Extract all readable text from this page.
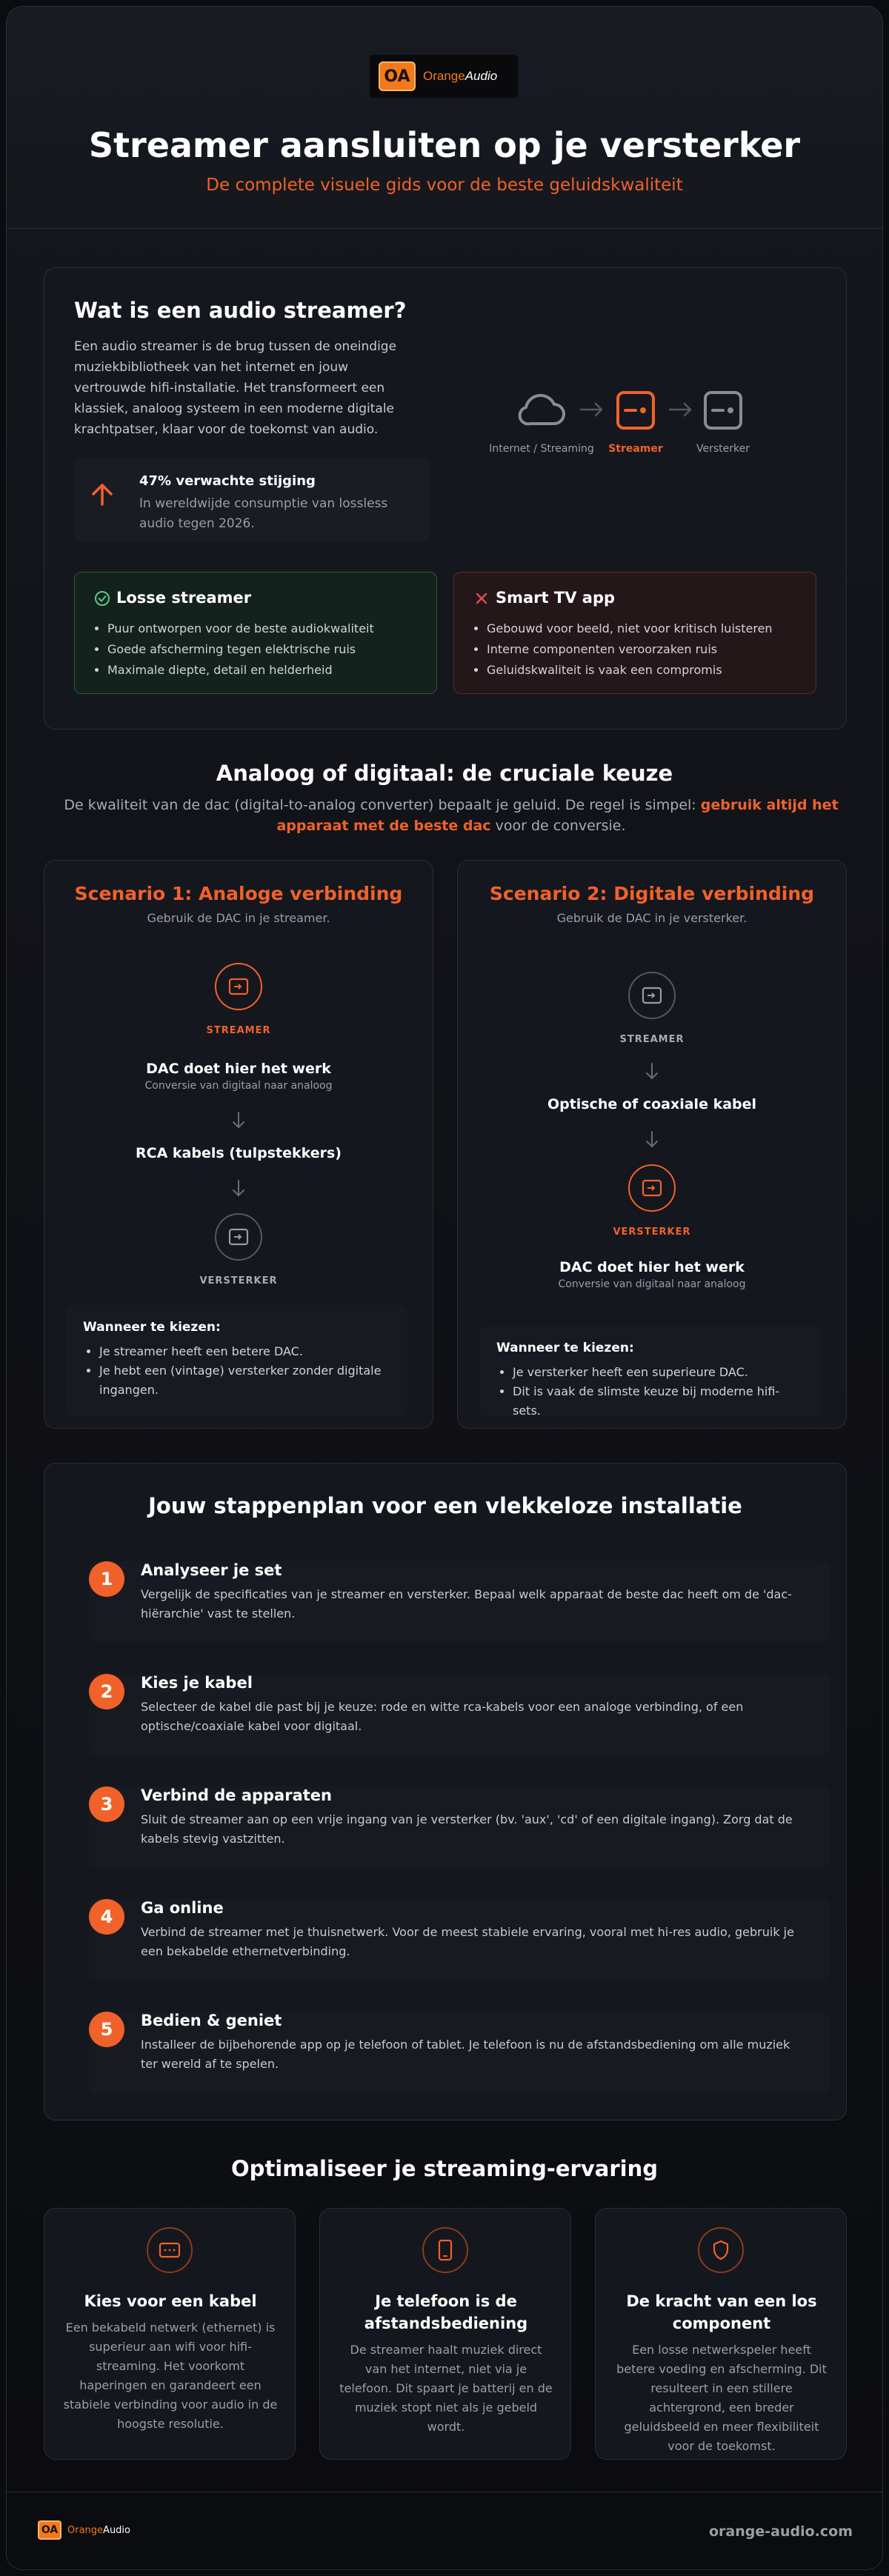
OA	OrangeAudio
Streamer aansluiten op je versterker
De complete visuele gids voor de beste geluidskwaliteit
Wat is een audio streamer?
Een audio streamer is de brug tussen de oneindige muziekbibliotheek van het internet en jouw vertrouwde hifi-installatie. Het transformeert een klassiek, analoog systeem in een moderne digitale krachtpatser, klaar voor de toekomst van audio.
47% verwachte stijging
In wereldwijde consumptie van lossless audio tegen 2026.
Internet / Streaming	Streamer	Versterker
Losse streamer
• Puur ontworpen voor de beste audiokwaliteit
• Goede afscherming tegen elektrische ruis
• Maximale diepte, detail en helderheid
Smart TV app
• Gebouwd voor beeld, niet voor kritisch luisteren
• Interne componenten veroorzaken ruis
• Geluidskwaliteit is vaak een compromis
Analoog of digitaal: de cruciale keuze
De kwaliteit van de dac (digital-to-analog converter) bepaalt je geluid. De regel is simpel: gebruik altijd het apparaat met de beste dac voor de conversie.
Scenario 1: Analoge verbinding
Gebruik de DAC in je streamer.
STREAMER
DAC doet hier het werk
Conversie van digitaal naar analoog
RCA kabels (tulpstekkers)
VERSTERKER
Wanneer te kiezen:
• Je streamer heeft een betere DAC.
• Je hebt een (vintage) versterker zonder digitale ingangen.
Scenario 2: Digitale verbinding
Gebruik de DAC in je versterker.
STREAMER
Optische of coaxiale kabel
VERSTERKER
DAC doet hier het werk
Conversie van digitaal naar analoog
Wanneer te kiezen:
• Je versterker heeft een superieure DAC.
• Dit is vaak de slimste keuze bij moderne hifi-sets.
Jouw stappenplan voor een vlekkeloze installatie
1	Analyseer je set
Vergelijk de specificaties van je streamer en versterker. Bepaal welk apparaat de beste dac heeft om de 'dac-hiërarchie' vast te stellen.
2	Kies je kabel
Selecteer de kabel die past bij je keuze: rode en witte rca-kabels voor een analoge verbinding, of een optische/coaxiale kabel voor digitaal.
3	Verbind de apparaten
Sluit de streamer aan op een vrije ingang van je versterker (bv. 'aux', 'cd' of een digitale ingang). Zorg dat de kabels stevig vastzitten.
4	Ga online
Verbind de streamer met je thuisnetwerk. Voor de meest stabiele ervaring, vooral met hi-res audio, gebruik je een bekabelde ethernetverbinding.
5	Bedien & geniet
Installeer de bijbehorende app op je telefoon of tablet. Je telefoon is nu de afstandsbediening om alle muziek ter wereld af te spelen.
Optimaliseer je streaming-ervaring
Kies voor een kabel
Een bekabeld netwerk (ethernet) is superieur aan wifi voor hifi-streaming. Het voorkomt haperingen en garandeert een stabiele verbinding voor audio in de hoogste resolutie.
Je telefoon is de afstandsbediening
De streamer haalt muziek direct van het internet, niet via je telefoon. Dit spaart je batterij en de muziek stopt niet als je gebeld wordt.
De kracht van een los component
Een losse netwerkspeler heeft betere voeding en afscherming. Dit resulteert in een stillere achtergrond, een breder geluidsbeeld en meer flexibiliteit voor de toekomst.
OA OrangeAudio	orange-audio.com
